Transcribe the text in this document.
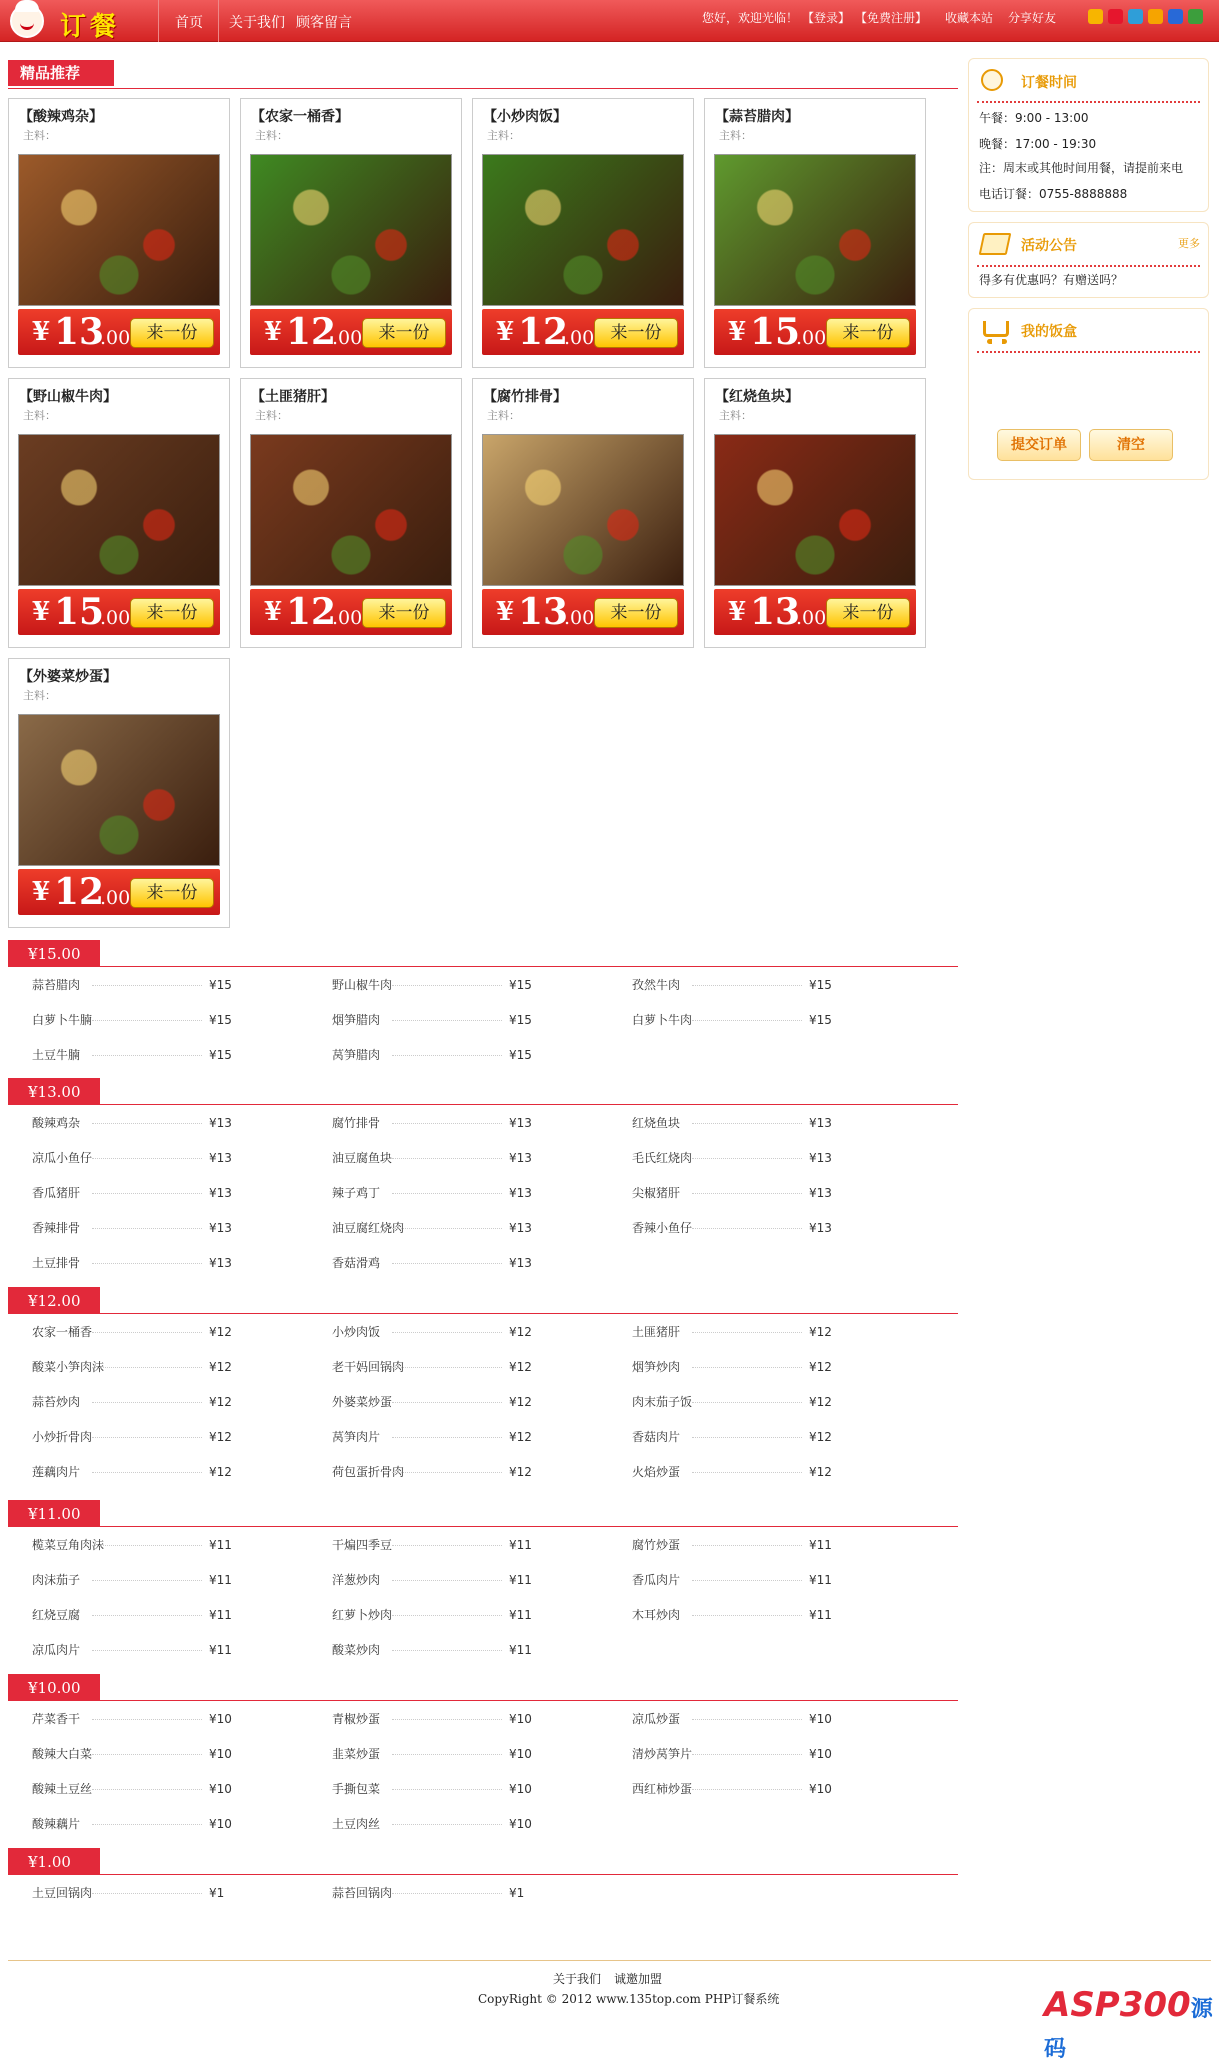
订餐	首页 关于我们 顾客留言	您好，欢迎光临！ 【登录】 【免费注册】 收藏本站 分享好友
精品推荐
【酸辣鸡杂】
主料：
¥ 13
.00 来一份
【农家一桶香】
主料：
¥ 12
.00 来一份
【小炒肉饭】
主料：
¥ 12
.00 来一份
【蒜苔腊肉】
主料：
¥ 15
.00 来一份
【野山椒牛肉】
主料：
¥ 15
.00 来一份
【土匪猪肝】
主料：
¥ 12
.00 来一份
【腐竹排骨】
主料：
¥ 13
.00 来一份
【红烧鱼块】
主料：
¥ 13
.00 来一份
【外婆菜炒蛋】
主料：
¥ 12
.00 来一份
¥15.00
蒜苔腊肉	¥15	野山椒牛肉	¥15	孜然牛肉	¥15
白萝卜牛腩	¥15	烟笋腊肉	¥15	白萝卜牛肉	¥15
土豆牛腩	¥15	莴笋腊肉	¥15
¥13.00
酸辣鸡杂	¥13	腐竹排骨	¥13	红烧鱼块	¥13
凉瓜小鱼仔	¥13	油豆腐鱼块	¥13	毛氏红烧肉	¥13
香瓜猪肝	¥13	辣子鸡丁	¥13	尖椒猪肝	¥13
香辣排骨	¥13	油豆腐红烧肉	¥13	香辣小鱼仔	¥13
土豆排骨	¥13	香菇滑鸡	¥13
¥12.00
农家一桶香	¥12	小炒肉饭	¥12	土匪猪肝	¥12
酸菜小笋肉沫	¥12	老干妈回锅肉	¥12	烟笋炒肉	¥12
蒜苔炒肉	¥12	外婆菜炒蛋	¥12	肉末茄子饭	¥12
小炒折骨肉	¥12	莴笋肉片	¥12	香菇肉片	¥12
莲藕肉片	¥12	荷包蛋折骨肉	¥12	火焰炒蛋	¥12
¥11.00
榄菜豆角肉沫	¥11	干煸四季豆	¥11	腐竹炒蛋	¥11
肉沫茄子	¥11	洋葱炒肉	¥11	香瓜肉片	¥11
红烧豆腐	¥11	红萝卜炒肉	¥11	木耳炒肉	¥11
凉瓜肉片	¥11	酸菜炒肉	¥11
¥10.00
芹菜香干	¥10	青椒炒蛋	¥10	凉瓜炒蛋	¥10
酸辣大白菜	¥10	韭菜炒蛋	¥10	清炒莴笋片	¥10
酸辣土豆丝	¥10	手撕包菜	¥10	西红柿炒蛋	¥10
酸辣藕片	¥10	土豆肉丝	¥10
¥1.00
土豆回锅肉	¥1	蒜苔回锅肉	¥1
订餐时间
午餐：9:00 - 13:00
晚餐：17:00 - 19:30
注：周末或其他时间用餐，请提前来电
电话订餐：0755-8888888
活动公告	更多
得多有优惠吗？有赠送吗？
我的饭盒
提交订单	清空
关于我们 诚邀加盟
CopyRight © 2012 www.135top.com PHP订餐系统	ASP300源码
